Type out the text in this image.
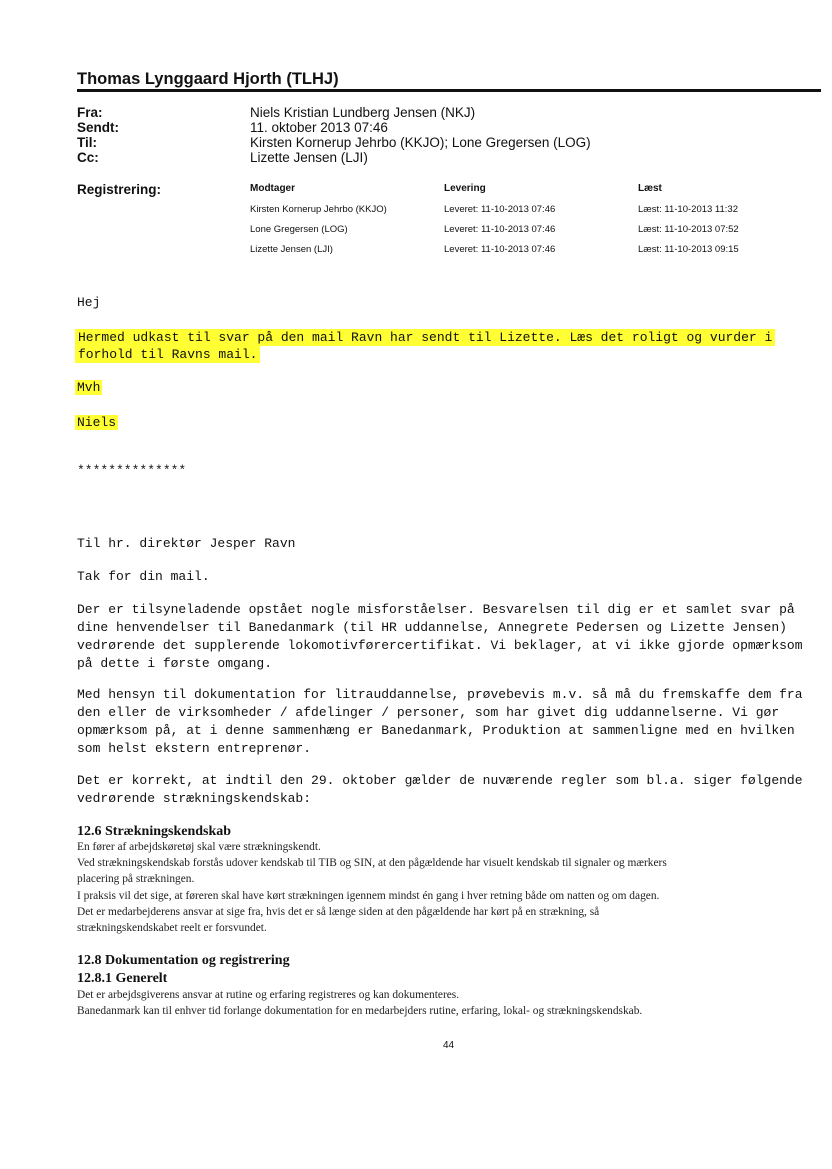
Thomas Lynggaard Hjorth (TLHJ)
Fra:	Niels Kristian Lundberg Jensen (NKJ)
Sendt:	11. oktober 2013 07:46
Til:	Kirsten Kornerup Jehrbo (KKJO); Lone Gregersen (LOG)
Cc:	Lizette Jensen (LJI)
Registrering:	Modtager	Levering	Læst
Kirsten Kornerup Jehrbo (KKJO)	Leveret: 11-10-2013 07:46	Læst: 11-10-2013 11:32
Lone Gregersen (LOG)	Leveret: 11-10-2013 07:46	Læst: 11-10-2013 07:52
Lizette Jensen (LJI)	Leveret: 11-10-2013 07:46	Læst: 11-10-2013 09:15
Hej
Hermed udkast til svar på den mail Ravn har sendt til Lizette. Læs det roligt og vurder i
forhold til Ravns mail.
Mvh
Niels
**************
Til hr. direktør Jesper Ravn
Tak for din mail.
Der er tilsyneladende opstået nogle misforståelser. Besvarelsen til dig er et samlet svar på
dine henvendelser til Banedanmark (til HR uddannelse, Annegrete Pedersen og Lizette Jensen)
vedrørende det supplerende lokomotivførercertifikat. Vi beklager, at vi ikke gjorde opmærksom
på dette i første omgang.
Med hensyn til dokumentation for litrauddannelse, prøvebevis m.v. så må du fremskaffe dem fra
den eller de virksomheder / afdelinger / personer, som har givet dig uddannelserne. Vi gør
opmærksom på, at i denne sammenhæng er Banedanmark, Produktion at sammenligne med en hvilken
som helst ekstern entreprenør.
Det er korrekt, at indtil den 29. oktober gælder de nuværende regler som bl.a. siger følgende
vedrørende strækningskendskab:
12.6 Strækningskendskab
En fører af arbejdskøretøj skal være strækningskendt.
Ved strækningskendskab forstås udover kendskab til TIB og SIN, at den pågældende har visuelt kendskab til signaler og mærkers
placering på strækningen.
I praksis vil det sige, at føreren skal have kørt strækningen igennem mindst én gang i hver retning både om natten og om dagen.
Det er medarbejderens ansvar at sige fra, hvis det er så længe siden at den pågældende har kørt på en strækning, så
strækningskendskabet reelt er forsvundet.
12.8 Dokumentation og registrering
12.8.1 Generelt
Det er arbejdsgiverens ansvar at rutine og erfaring registreres og kan dokumenteres.
Banedanmark kan til enhver tid forlange dokumentation for en medarbejders rutine, erfaring, lokal- og strækningskendskab.
44
